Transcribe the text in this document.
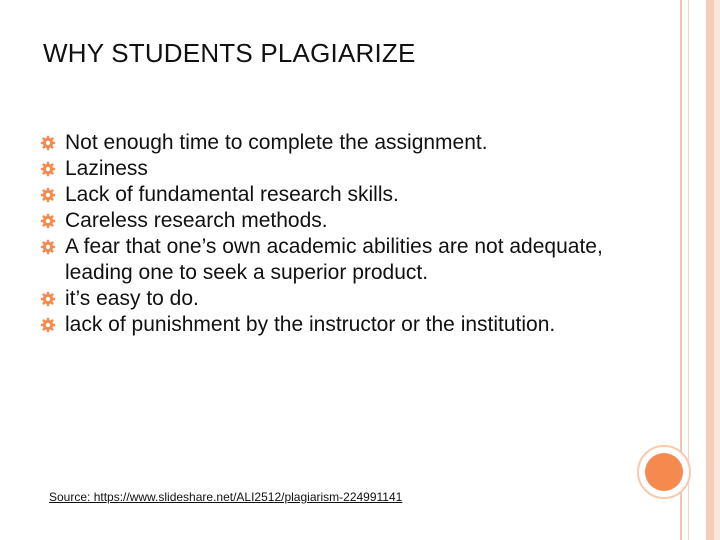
WHY STUDENTS PLAGIARIZE
Not enough time to complete the assignment.
Laziness
Lack of fundamental research skills.
Careless research methods.
A fear that one’s own academic abilities are not adequate, leading one to seek a superior product.
it’s easy to do.
lack of punishment by the instructor or the institution.
Source: https://www.slideshare.net/ALI2512/plagiarism-224991141
